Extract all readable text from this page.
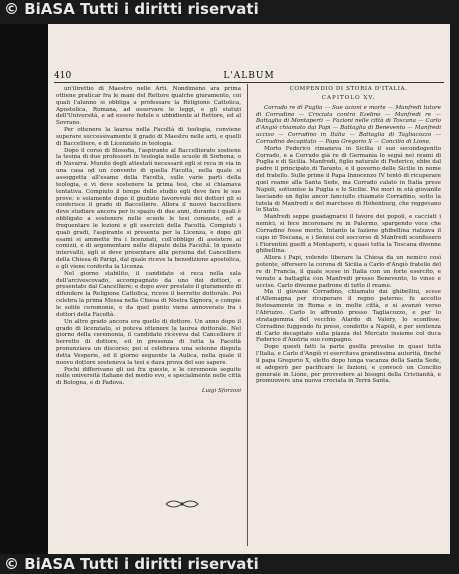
© BiASA Tutti i diritti riservati
410	L'ALBUM

un'ilirettio di Maestro nelle Arti. Nondimeno ara prima ottiene praticar fra le mani del Rettore qualche giuramento, coi quali l'alunno si obbliga a professare la Religione Cattolica, Apostolica, Romana, ad osservare le leggi, e gli statuti dell'Università, e ad essere fedele e ubbidiente al Rettore, ed al Sovrano.

Per ottenere la laurea nella Facoltà di teologia, conviene superare successivamente il grado di Maestro nelle arti, e quelli di Baccelliere, e di Licenziato in teologia.

Dopo il corso di filosofia, l'aspirante al Baccellierato sostiene la tesina di due professori in teologia nelle scuole di Sorbona, o di Navarra. Munito degli attestati necessarii egli si reca in via in una casa od un convento di quella Facoltà, nella quale si assoggetta all'esame della Facoltà, sulle varie parti della teologia, e vi deve sostenere la prima tesi, che si chiamava tentativa. Compiuto il tempo dello studio egli deve fare le sue prove; e solamente dopo il giudizio favorevole dei dottori gli si conferisce il grado di Baccelliere. Allora il nuovo baccelliere deve studiare ancora per lo spazio di due anni, durante i quali è obbligato a sostenere nelle scuole le tesi consuete, ed a frequentare le lezioni e gli esercizii della Facoltà. Compiuti i quali gradi, l'aspirante si presenta per la Licenza, e dopo gli esami si ammette fra i licenziati, coll'obbligo di assistere ai comizii, e di argomentare nelle dispute della Facoltà. In questo intervallo, egli si deve presentare alla persona del Cancelliere della Chiesa di Parigi, dal quale riceve la benedizione apostolica, e gli viene conferita la Licenza.

Nel giorno stabilito, il candidato si reca nella sala dell'arcivescovado, accompagnato da uno dei dottori, e presentato dal Cancelliere; e dopo aver prestato il giuramento di difendere la Religione Cattolica, riceve il berretto dottorale. Poi celebra la prima Messa nella Chiesa di Nostra Signora, e compie le solite ceremonie, e da quel punto viene annoverato fra i dottori della Facoltà.

Un altro grado ancora era quello di dottore. Un anno dopo il grado di licenziato, si poteva ottenere la laurea dottorale. Nel giorno della ceremonia, il candidato riceveva dal Cancelliere il berretto di dottore, ed in presenza di tutta la Facoltà pronunziava un discorso; poi si celebrava una solenne disputa detta Vesperie, ed il giorno seguente la Aulica, nella quale il nuovo dottore sosteneva la tesi e dava prova del suo sapere.

Pochi differivano gli usi fra queste, e le ceremonie seguite nelle università italiane del medio evo, e specialmente nelle città di Bologna, e di Padova.

Luigi Sforzosi
COMPENDIO DI STORIA D'ITALIA.
CAPITOLO XV.

Corrado re di Puglia — Sue azioni e morte — Manfredi tutore di Corradino — Crociata contro Ezelino — Manfredi re — Battaglia di Montaperti — Fazioni nelle città di Toscana — Carlo d'Angiò chiamato dai Papi — Battaglia di Benevento — Manfredi ucciso — Corradino in Italia — Battaglia di Tagliacozzo — Corradino decapitato — Papa Gregorio X — Concilio di Lione.

Morto Federico rimaneva in Sicilia il suo secondogenito Corrado, e a Corrado già re di Germania lo seguì nei reami di Puglia e di Sicilia. Manfredi, figlio naturale di Federico, ebbe dal padre il principato di Taranto, e il governo delle Sicilie in nome del fratello. Sulle prime il Papa Innocenzo IV tentò di ricuperare quel reame alla Santa Sede, ma Corrado calato in Italia prese Napoli, sottomise la Puglia e le Sicilie. Poi morì in età giovanile lasciando un figlio ancor fanciullo chiamato Corradino, sotto la tutela di Manfredi e del marchese di Hohenburg, che reggevano lo Stato.

Manfredi seppe guadagnarsi il favore dei popoli, e cacciati i nemici, si fece incoronare re in Palermo, spargendo voce che Corradino fosse morto. Intanto la fazione ghibellina rialzava il capo in Toscana, e i Senesi col soccorso di Manfredi sconfissero i Fiorentini guelfi a Montaperti, e quasi tutta la Toscana divenne ghibellina.

Allora i Papi, volendo liberare la Chiesa da un nemico così potente, offersero la corona di Sicilia a Carlo d'Angiò fratello del re di Francia, il quale scese in Italia con un forte esercito, e venuto a battaglia con Manfredi presso Benevento, lo vinse e uccise. Carlo divenne padrone di tutto il reame.

Ma il giovane Corradino, chiamato dai ghibellini, scese d'Allemagna per ricuperare il regno paterno; fu accolto festosamente in Roma e in molte città, e si avanzò verso l'Abruzzo. Carlo lo affrontò presso Tagliacozzo, e per lo stratagemma del vecchio Alardo di Valery, lo sconfisse. Corradino fuggendo fu preso, condotto a Napoli, e per sentenza di Carlo decapitato sulla piazza del Mercato insieme col duca Federico d'Austria suo compagno.

Dopo questi fatti la parte guelfa prevalse in quasi tutta l'Italia, e Carlo d'Angiò vi esercitava grandissima autorità, finché il papa Gregorio X, eletto dopo lunga vacanza della Santa Sede, si adoperò per pacificare le fazioni, e convocò un Concilio generale in Lione, per provvedere ai bisogni della Cristianità, e promuovere una nuova crociata in Terra Santa.

© BiASA Tutti i diritti riservati
